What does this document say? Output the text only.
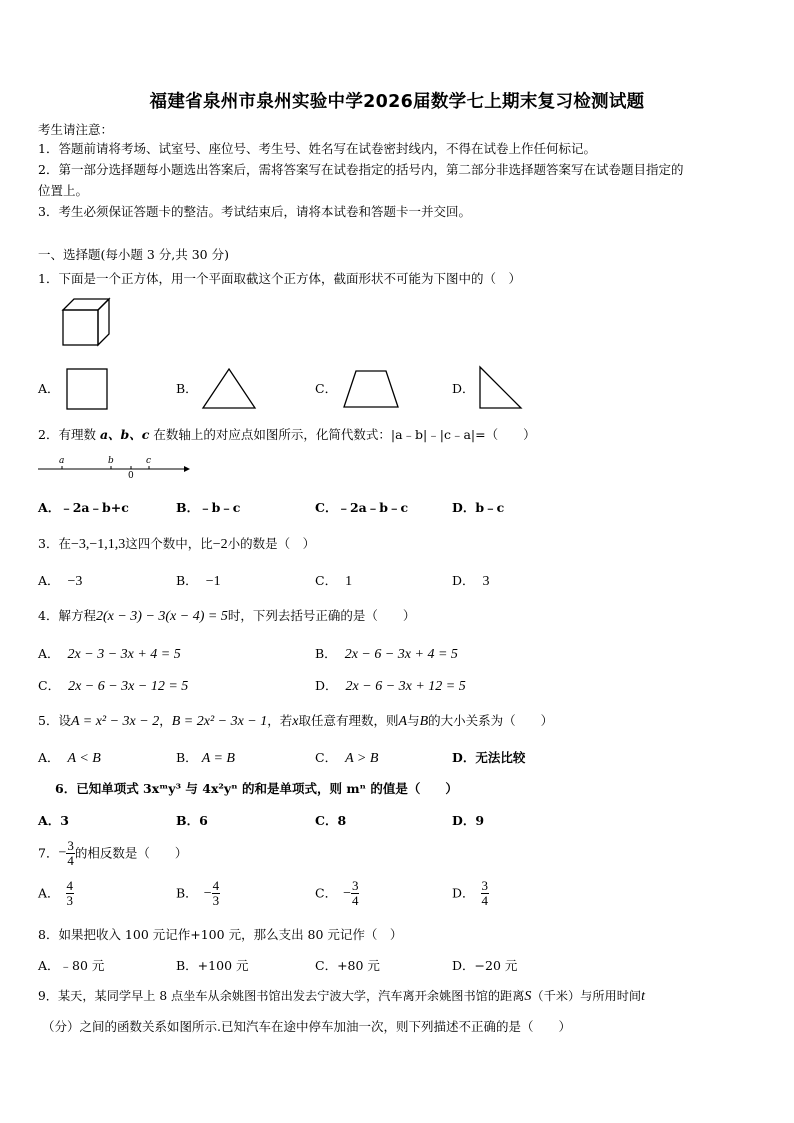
福建省泉州市泉州实验中学2026届数学七上期末复习检测试题
考生请注意：
1．答题前请将考场、试室号、座位号、考生号、姓名写在试卷密封线内，不得在试卷上作任何标记。
2．第一部分选择题每小题选出答案后，需将答案写在试卷指定的括号内，第二部分非选择题答案写在试卷题目指定的
位置上。
3．考生必须保证答题卡的整洁。考试结束后，请将本试卷和答题卡一并交回。
一、选择题(每小题 3 分,共 30 分)
1．下面是一个正方体，用一个平面取截这个正方体，截面形状不可能为下图中的（　）
A．	B．	C．	D．
2．有理数 a、b、c 在数轴上的对应点如图所示，化简代数式：|a﹣b|﹣|c﹣a|=（　　）
a	b	c
0
A．﹣2a﹣b+c	B．﹣b﹣c	C．﹣2a﹣b﹣c	D．b﹣c
3．在−3,−1,1,3这四个数中，比−2小的数是（　）
A． −3	B． −1	C． 1	D． 3
4．解方程2(x − 3) − 3(x − 4) = 5时，下列去括号正确的是（　　）
A． 2x − 3 − 3x + 4 = 5	B． 2x − 6 − 3x + 4 = 5
C． 2x − 6 − 3x − 12 = 5	D． 2x − 6 − 3x + 12 = 5
5．设A = x² − 3x − 2，B = 2x² − 3x − 1，若x取任意有理数，则A与B的大小关系为（　　）
A． A < B	B． A = B	C． A > B	D．无法比较
6．已知单项式 3xᵐy³ 与 4x²yⁿ 的和是单项式，则 mⁿ 的值是（　　）
A．3	B．6	C．8	D．9
7．− $\frac{3}{4}$ 的相反数是（　　）
A． $\frac{4}{3}$	B． − $\frac{4}{3}$	C． − $\frac{3}{4}$	D． $\frac{3}{4}$
8．如果把收入 100 元记作+100 元，那么支出 80 元记作（　）
A．﹣80 元	B．+100 元	C．+80 元	D．−20 元
9．某天，某同学早上 8 点坐车从余姚图书馆出发去宁波大学，汽车离开余姚图书馆的距离S（千米）与所用时间t
（分）之间的函数关系如图所示.已知汽车在途中停车加油一次，则下列描述不正确的是（　　）
